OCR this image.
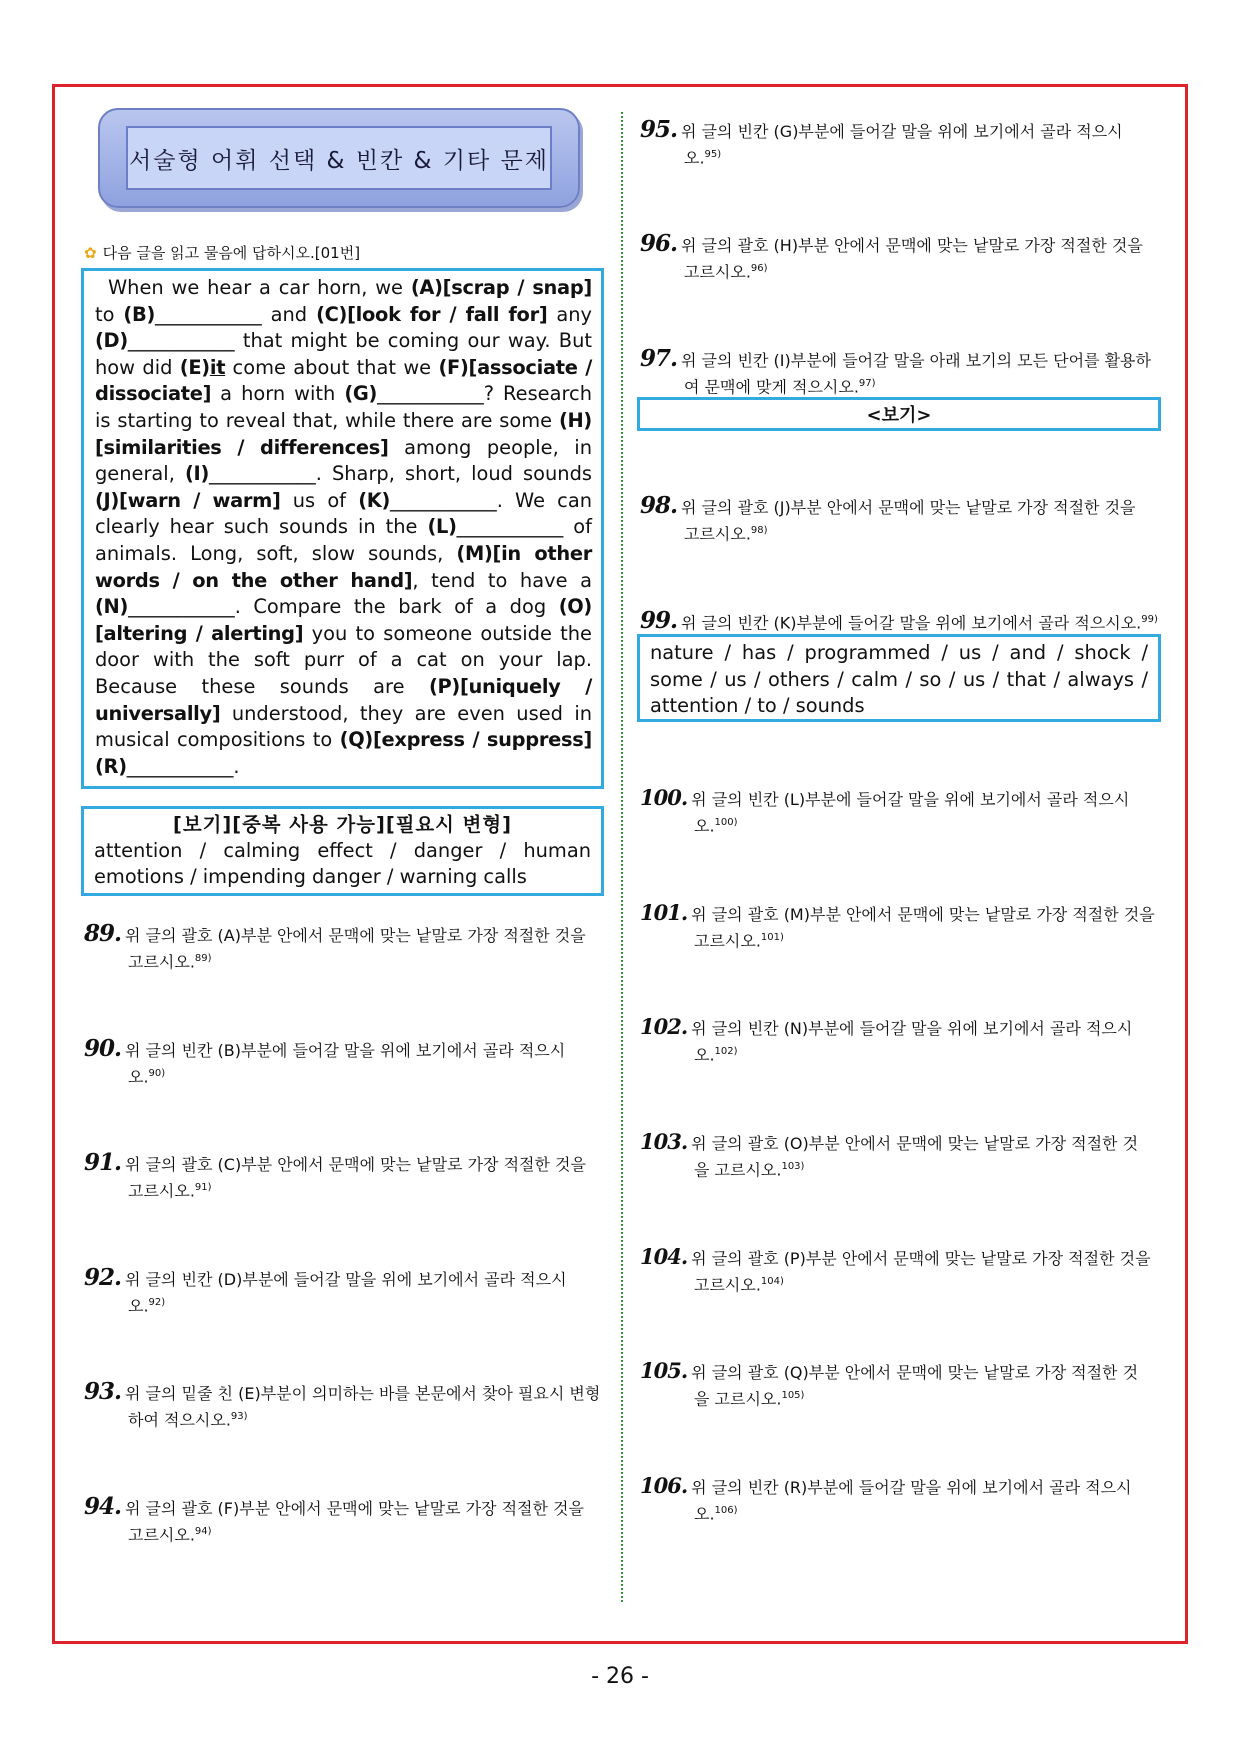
서술형 어휘 선택 & 빈칸 & 기타 문제
✿ 다음 글을 읽고 물음에 답하시오.[01번]
When we hear a car horn, we (A)[scrap / snap] to (B)___________ and (C)[look for / fall for] any (D)___________ that might be coming our way. But how did (E)it come about that we (F)[associate / dissociate] a horn with (G)___________? Research is starting to reveal that, while there are some (H)[similarities / differences] among people, in general, (I)___________. Sharp, short, loud sounds (J)[warn / warm] us of (K)___________. We can clearly hear such sounds in the (L)___________ of animals. Long, soft, slow sounds, (M)[in other words / on the other hand], tend to have a (N)___________. Compare the bark of a dog (O)[altering / alerting] you to someone outside the door with the soft purr of a cat on your lap. Because these sounds are (P)[uniquely / universally] understood, they are even used in musical compositions to (Q)[express / suppress] (R)___________.
[보기][중복 사용 가능][필요시 변형]
attention / calming effect / danger / human emotions / impending danger / warning calls
89. 위 글의 괄호 (A)부분 안에서 문맥에 맞는 낱말로 가장 적절한 것을
고르시오.$^{89)}$
90. 위 글의 빈칸 (B)부분에 들어갈 말을 위에 보기에서 골라 적으시
오.$^{90)}$
91. 위 글의 괄호 (C)부분 안에서 문맥에 맞는 낱말로 가장 적절한 것을
고르시오.$^{91)}$
92. 위 글의 빈칸 (D)부분에 들어갈 말을 위에 보기에서 골라 적으시
오.$^{92)}$
93. 위 글의 밑줄 친 (E)부분이 의미하는 바를 본문에서 찾아 필요시 변형
하여 적으시오.$^{93)}$
94. 위 글의 괄호 (F)부분 안에서 문맥에 맞는 낱말로 가장 적절한 것을
고르시오.$^{94)}$
95. 위 글의 빈칸 (G)부분에 들어갈 말을 위에 보기에서 골라 적으시
오.$^{95)}$
96. 위 글의 괄호 (H)부분 안에서 문맥에 맞는 낱말로 가장 적절한 것을
고르시오.$^{96)}$
97. 위 글의 빈칸 (I)부분에 들어갈 말을 아래 보기의 모든 단어를 활용하
여 문맥에 맞게 적으시오.$^{97)}$
<보기>
98. 위 글의 괄호 (J)부분 안에서 문맥에 맞는 낱말로 가장 적절한 것을
고르시오.$^{98)}$
99. 위 글의 빈칸 (K)부분에 들어갈 말을 위에 보기에서 골라 적으시오.$^{99)}$
nature / has / programmed / us / and / shock / some / us / others / calm / so / us / that / always / attention / to / sounds
100. 위 글의 빈칸 (L)부분에 들어갈 말을 위에 보기에서 골라 적으시
오.$^{100)}$
101. 위 글의 괄호 (M)부분 안에서 문맥에 맞는 낱말로 가장 적절한 것을
고르시오.$^{101)}$
102. 위 글의 빈칸 (N)부분에 들어갈 말을 위에 보기에서 골라 적으시
오.$^{102)}$
103. 위 글의 괄호 (O)부분 안에서 문맥에 맞는 낱말로 가장 적절한 것
을 고르시오.$^{103)}$
104. 위 글의 괄호 (P)부분 안에서 문맥에 맞는 낱말로 가장 적절한 것을
고르시오.$^{104)}$
105. 위 글의 괄호 (Q)부분 안에서 문맥에 맞는 낱말로 가장 적절한 것
을 고르시오.$^{105)}$
106. 위 글의 빈칸 (R)부분에 들어갈 말을 위에 보기에서 골라 적으시
오.$^{106)}$
- 26 -
